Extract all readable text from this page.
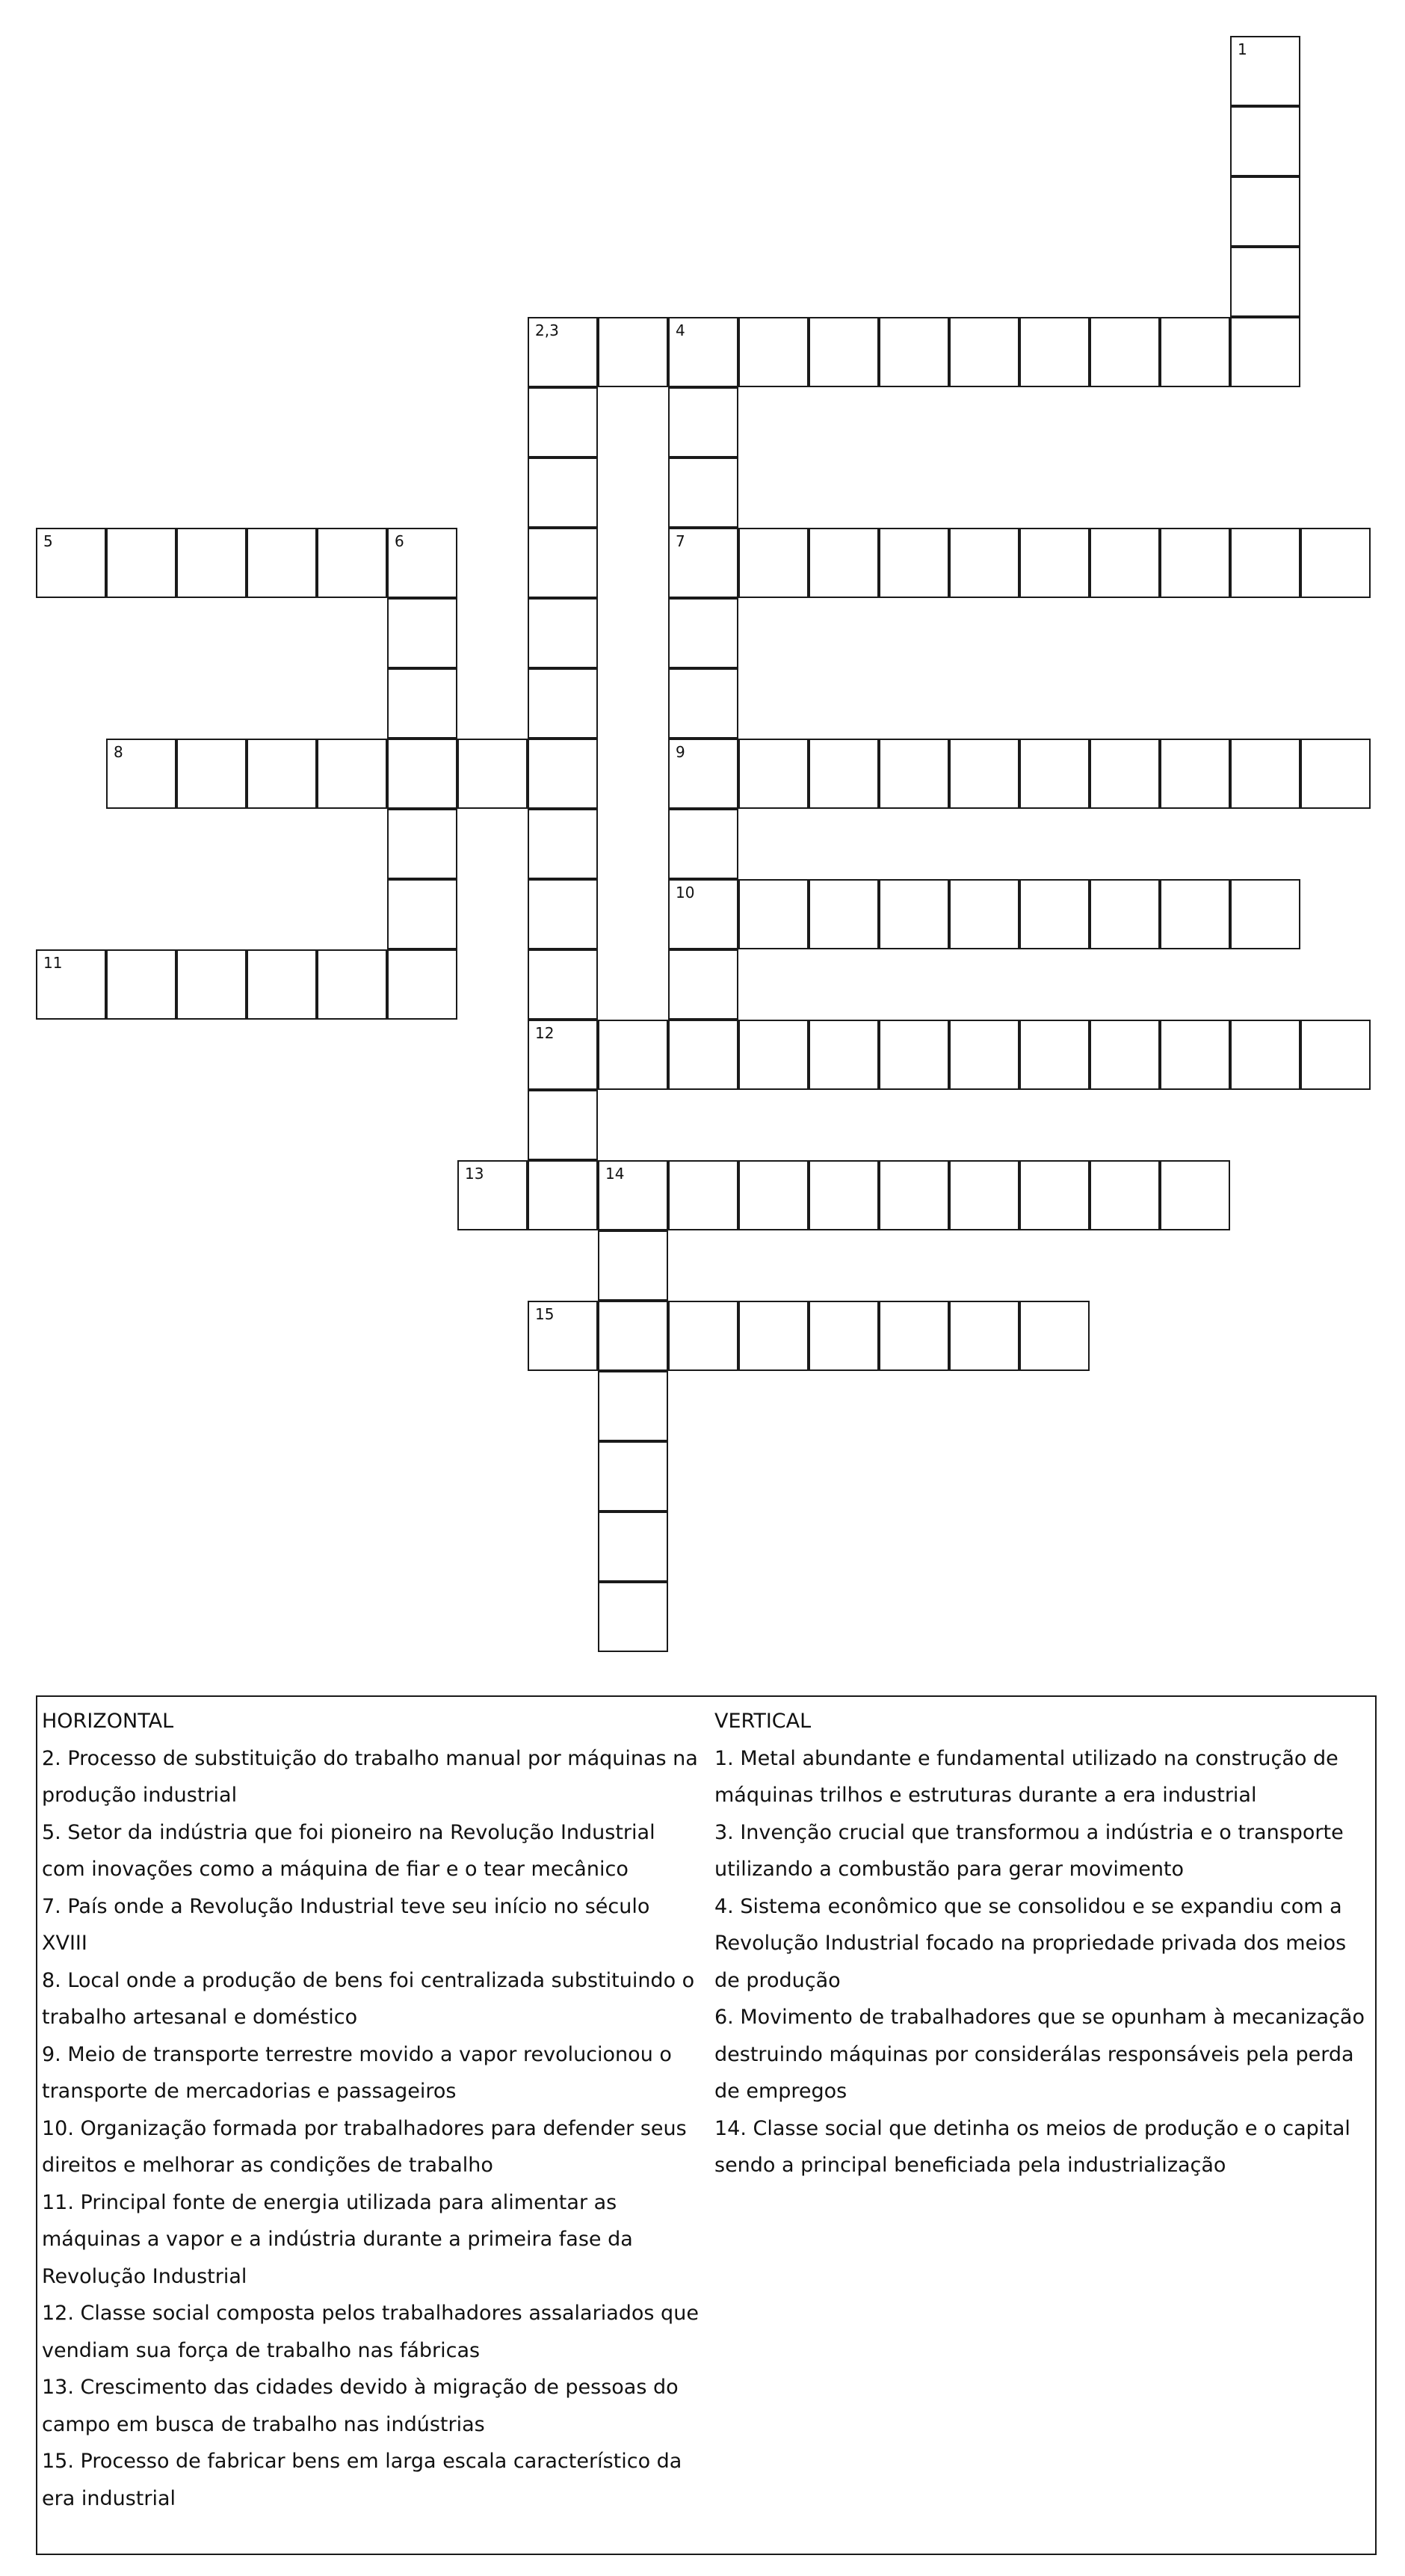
1
2,3	4
5	6	7
8	9
10
11
12
13	14
15

HORIZONTAL

2. Processo de substituição do trabalho manual por máquinas na produção industrial

5. Setor da indústria que foi pioneiro na Revolução Industrial com inovações como a máquina de fiar e o tear mecânico

7. País onde a Revolução Industrial teve seu início no século XVIII

8. Local onde a produção de bens foi centralizada substituindo o trabalho artesanal e doméstico

9. Meio de transporte terrestre movido a vapor revolucionou o transporte de mercadorias e passageiros

10. Organização formada por trabalhadores para defender seus direitos e melhorar as condições de trabalho

11. Principal fonte de energia utilizada para alimentar as máquinas a vapor e a indústria durante a primeira fase da Revolução Industrial

12. Classe social composta pelos trabalhadores assalariados que vendiam sua força de trabalho nas fábricas

13. Crescimento das cidades devido à migração de pessoas do campo em busca de trabalho nas indústrias

15. Processo de fabricar bens em larga escala característico da era industrial

VERTICAL

1. Metal abundante e fundamental utilizado na construção de máquinas trilhos e estruturas durante a era industrial

3. Invenção crucial que transformou a indústria e o transporte utilizando a combustão para gerar movimento

4. Sistema econômico que se consolidou e se expandiu com a Revolução Industrial focado na propriedade privada dos meios de produção

6. Movimento de trabalhadores que se opunham à mecanização destruindo máquinas por considerálas responsáveis pela perda de empregos

14. Classe social que detinha os meios de produção e o capital sendo a principal beneficiada pela industrialização
